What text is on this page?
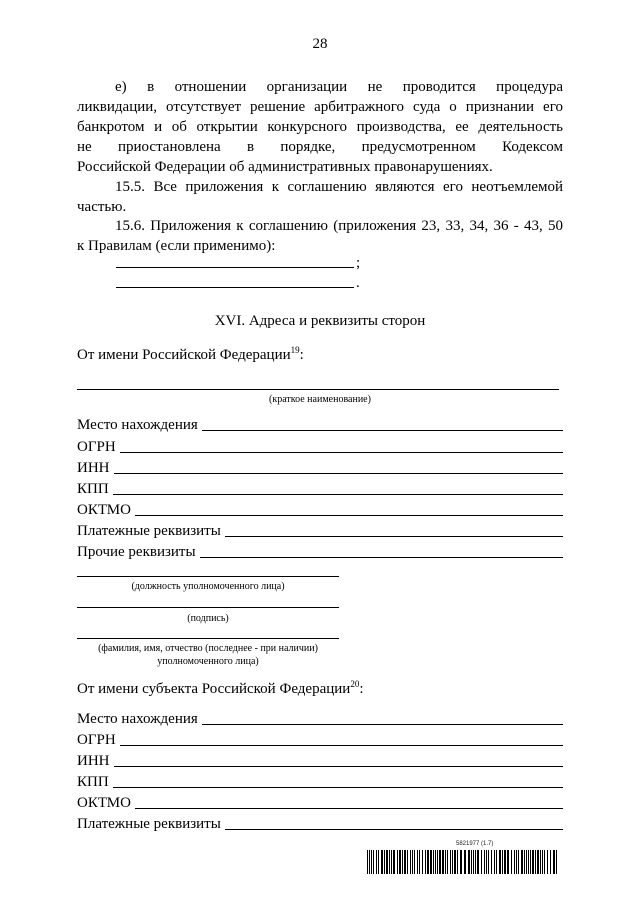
28
е) в отношении организации не проводится процедура
ликвидации, отсутствует решение арбитражного суда о признании его
банкротом и об открытии конкурсного производства, ее деятельность
не приостановлена в порядке, предусмотренном Кодексом
Российской Федерации об административных правонарушениях.
15.5. Все приложения к соглашению являются его неотъемлемой
частью.
15.6. Приложения к соглашению (приложения 23, 33, 34, 36 - 43, 50
к Правилам (если применимо):
;
.
XVI. Адреса и реквизиты сторон
От имени Российской Федерации$^{19}$:
(краткое наименование)
Место нахождения
ОГРН
ИНН
КПП
ОКТМО
Платежные реквизиты
Прочие реквизиты
(должность уполномоченного лица)
(подпись)
(фамилия, имя, отчество (последнее - при наличии)
уполномоченного лица)
От имени субъекта Российской Федерации$^{20}$:
Место нахождения
ОГРН
ИНН
КПП
ОКТМО
Платежные реквизиты
5821977 (1.7)
